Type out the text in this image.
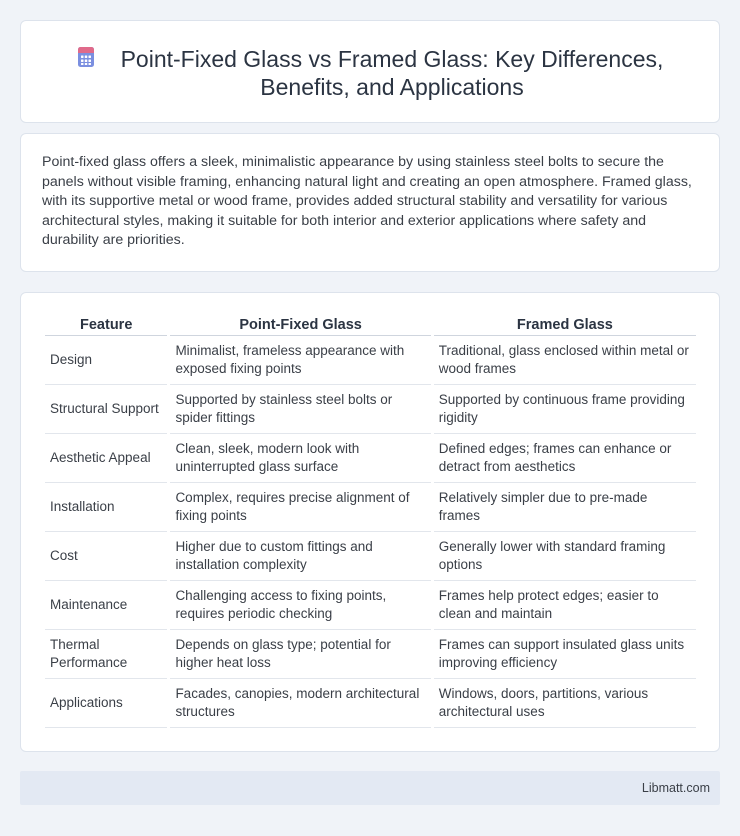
Point-Fixed Glass vs Framed Glass: Key Differences, Benefits, and Applications

Point-fixed glass offers a sleek, minimalistic appearance by using stainless steel bolts to secure the panels without visible framing, enhancing natural light and creating an open atmosphere. Framed glass, with its supportive metal or wood frame, provides added structural stability and versatility for various architectural styles, making it suitable for both interior and exterior applications where safety and durability are priorities.

Feature	Point-Fixed Glass	Framed Glass
Design	Minimalist, frameless appearance with exposed fixing points	Traditional, glass enclosed within metal or wood frames
Structural Support	Supported by stainless steel bolts or spider fittings	Supported by continuous frame providing rigidity
Aesthetic Appeal	Clean, sleek, modern look with uninterrupted glass surface	Defined edges; frames can enhance or detract from aesthetics
Installation	Complex, requires precise alignment of fixing points	Relatively simpler due to pre-made frames
Cost	Higher due to custom fittings and installation complexity	Generally lower with standard framing options
Maintenance	Challenging access to fixing points, requires periodic checking	Frames help protect edges; easier to clean and maintain
Thermal Performance	Depends on glass type; potential for higher heat loss	Frames can support insulated glass units improving efficiency
Applications	Facades, canopies, modern architectural structures	Windows, doors, partitions, various architectural uses
Libmatt.com
